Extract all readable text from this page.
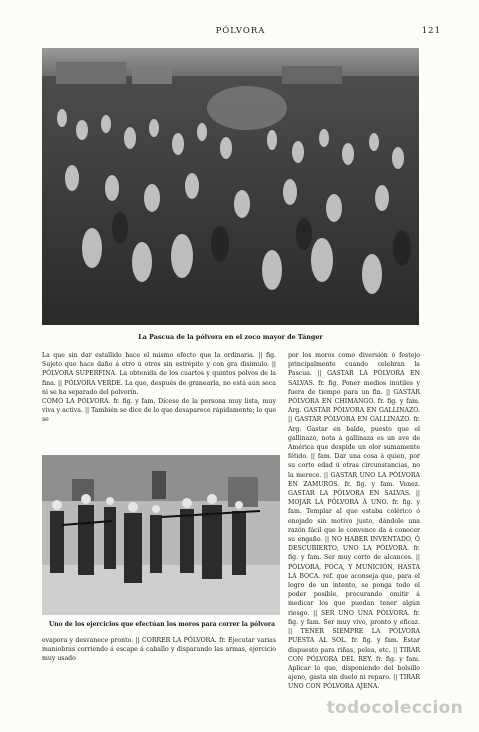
PÓLVORA	121
La Pascua de la pólvora en el zoco mayor de Tánger

La que sin dar estallido hace el mismo efecto que la ordinaria. || fig. Sujeto que hace daño á otro ú otros sin estrépito y con gra disimulo. || PÓLVORA SUPERFINA. La obtenida de los cuartos y quintos polvos de la fina. || PÓLVORA VERDE. La que, después de granearla, no está aún seca ni se ha separado del polvorín.

COMO LA PÓLVORA. fr. fig. y fam. Dícese de la persona muy lista, muy viva y activa. || También se dice de lo que desaparece rápidamente; lo que se

Uno de los ejercicios que efectúan los moros para correr la pólvora

evapora y desvanece pronto. || CORRER LA PÓLVORA. fr. Ejecutar varias maniobras corriendo á escape á caballo y disparando las armas, ejercicio muy usado

por los moros como diversión ó festejo principalmente cuando celebran la Pascua. || GASTAR LA PÓLVORA EN SALVAS. fr. fig. Poner medios inútiles y fuera de tiempo para un fin. || GASTAR PÓLVORA EN CHIMANGO. fr. fig. y fam. Arg. GASTAR PÓLVORA EN GALLINAZO. || GASTAR PÓLVORA EN GALLINAZO. fr. Arg. Gastar en balde, puesto que el gallinazo, nota á gallinaza es un ave de América que despide un olor sumamente fétido. || fam. Dar una cosa á quien, por su corto edad ú otras circunstancias, no la merece. || GASTAR UNO LA PÓLVORA EN ZAMUROS. fr. fig. y fam. Venez. GASTAR LA PÓLVORA EN SALVAS. || MOJAR LA PÓLVORA Á UNO. fr. fig. y fam. Templar al que estaba colérico ó enojado sin motivo justo, dándole una razón fácil que le convence da á conocer su engaño. || NO HABER INVENTADO, Ó DESCUBIERTO, UNO LA PÓLVORA. fr. fig. y fam. Ser muy corto de alcances. || PÓLVORA, POCA, Y MUNICIÓN, HASTA LA BOCA. ref. que aconseja que, para el logro de un intento, se ponga todo el poder posible, procurando omitir á medicar los que puedan tener algún riesgo. || SER UNO UNA PÓLVORA. fr. fig. y fam. Ser muy vivo, pronto y eficaz. || TENER SIEMPRE LA PÓLVORA PUESTA AL SOL. fr. fig. y fam. Estar dispuesto para riñas, pelea, etc. || TIRAR CON PÓLVORA DEL REY. fr. fig. y fam. Aplicar lo que, disponiendo del bolsillo ajeno, gasta sin duelo ni reparo. || TIRAR UNO CON PÓLVORA AJENA.

todocoleccion
